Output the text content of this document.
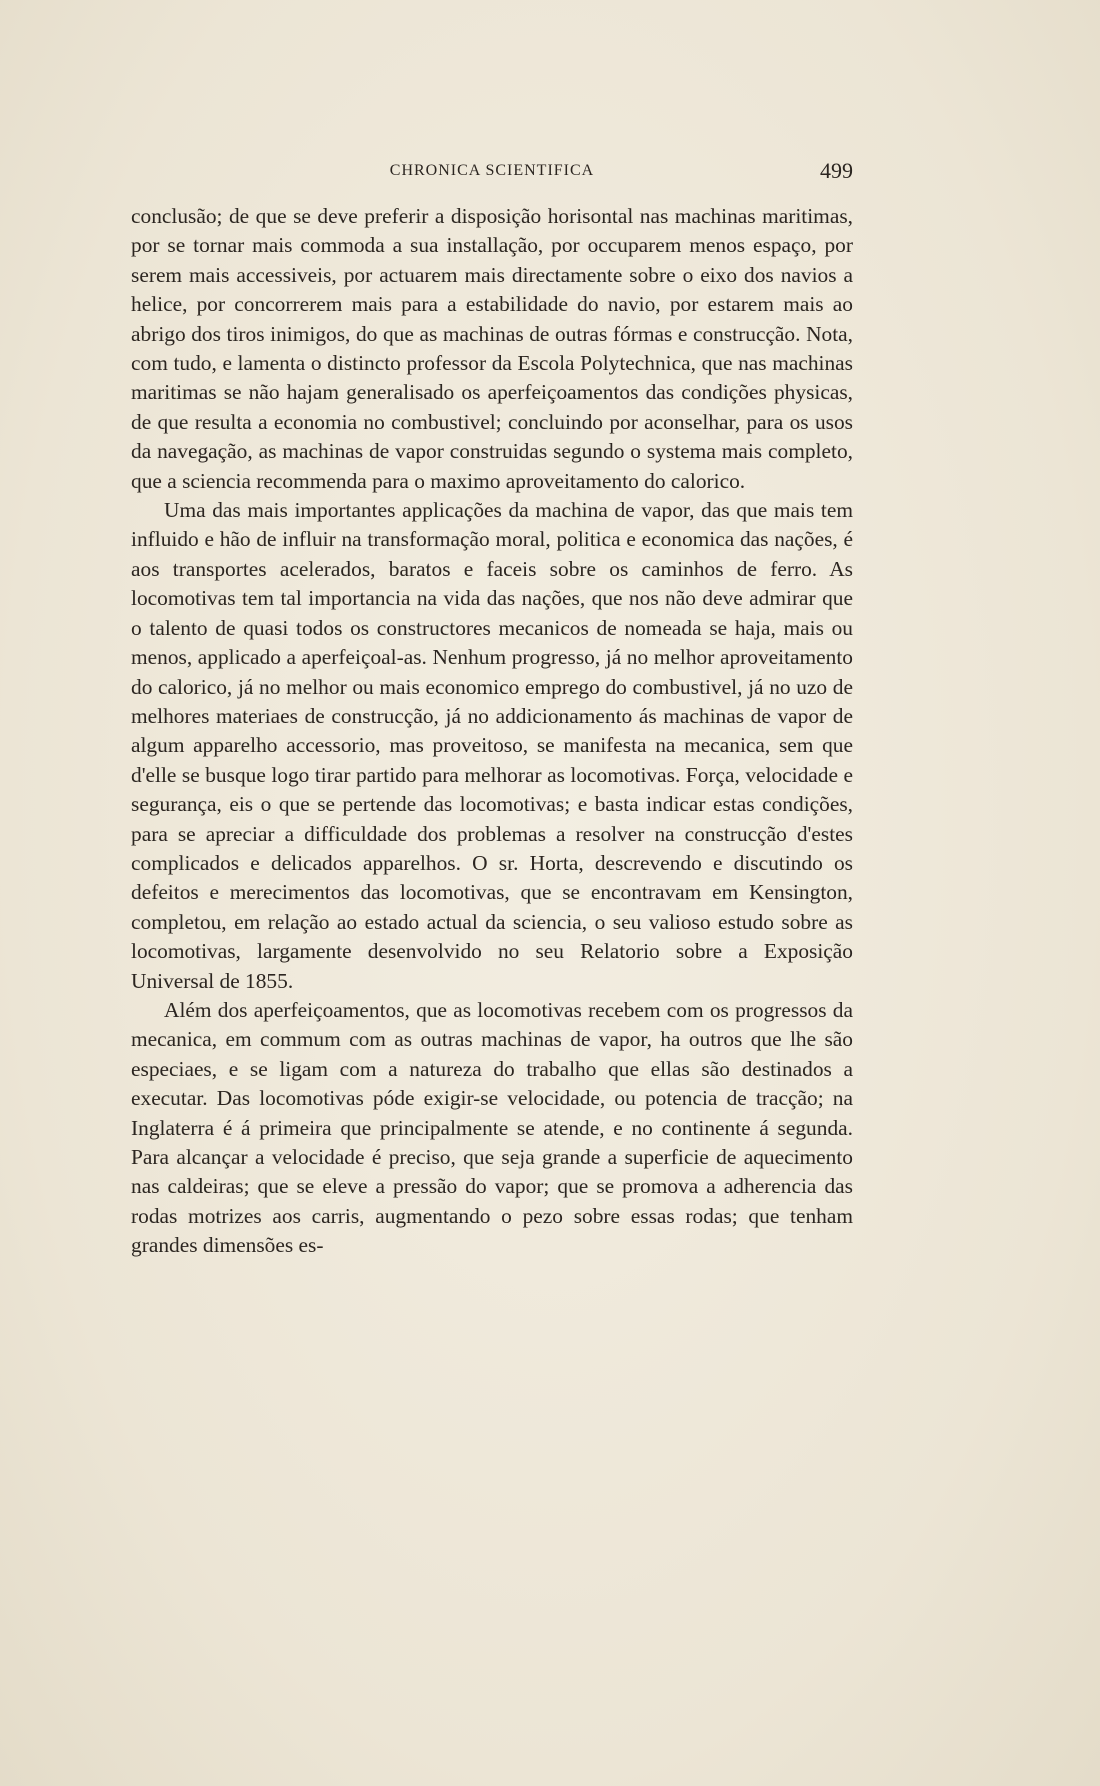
CHRONICA SCIENTIFICA	499

conclusão; de que se deve preferir a disposição horisontal nas machinas maritimas, por se tornar mais commoda a sua installação, por occuparem menos espaço, por serem mais accessiveis, por actuarem mais directamente sobre o eixo dos navios a helice, por concorrerem mais para a estabilidade do navio, por estarem mais ao abrigo dos tiros inimigos, do que as machinas de outras fórmas e construcção. Nota, com tudo, e lamenta o distincto professor da Escola Polytechnica, que nas machinas maritimas se não hajam generalisado os aperfeiçoamentos das condições physicas, de que resulta a economia no combustivel; concluindo por aconselhar, para os usos da navegação, as machinas de vapor construidas segundo o systema mais completo, que a sciencia recommenda para o maximo aproveitamento do calorico.

Uma das mais importantes applicações da machina de vapor, das que mais tem influido e hão de influir na transformação moral, politica e economica das nações, é aos transportes acelerados, baratos e faceis sobre os caminhos de ferro. As locomotivas tem tal importancia na vida das nações, que nos não deve admirar que o talento de quasi todos os constructores mecanicos de nomeada se haja, mais ou menos, applicado a aperfeiçoal-as. Nenhum progresso, já no melhor aproveitamento do calorico, já no melhor ou mais economico emprego do combustivel, já no uzo de melhores materiaes de construcção, já no addicionamento ás machinas de vapor de algum apparelho accessorio, mas proveitoso, se manifesta na mecanica, sem que d'elle se busque logo tirar partido para melhorar as locomotivas. Força, velocidade e segurança, eis o que se pertende das locomotivas; e basta indicar estas condições, para se apreciar a difficuldade dos problemas a resolver na construcção d'estes complicados e delicados apparelhos. O sr. Horta, descrevendo e discutindo os defeitos e merecimentos das locomotivas, que se encontravam em Kensington, completou, em relação ao estado actual da sciencia, o seu valioso estudo sobre as locomotivas, largamente desenvolvido no seu Relatorio sobre a Exposição Universal de 1855.

Além dos aperfeiçoamentos, que as locomotivas recebem com os progressos da mecanica, em commum com as outras machinas de vapor, ha outros que lhe são especiaes, e se ligam com a natureza do trabalho que ellas são destinados a executar. Das locomotivas póde exigir-se velocidade, ou potencia de tracção; na Inglaterra é á primeira que principalmente se atende, e no continente á segunda. Para alcançar a velocidade é preciso, que seja grande a superficie de aquecimento nas caldeiras; que se eleve a pressão do vapor; que se promova a adherencia das rodas motrizes aos carris, augmentando o pezo sobre essas rodas; que tenham grandes dimensões es-
